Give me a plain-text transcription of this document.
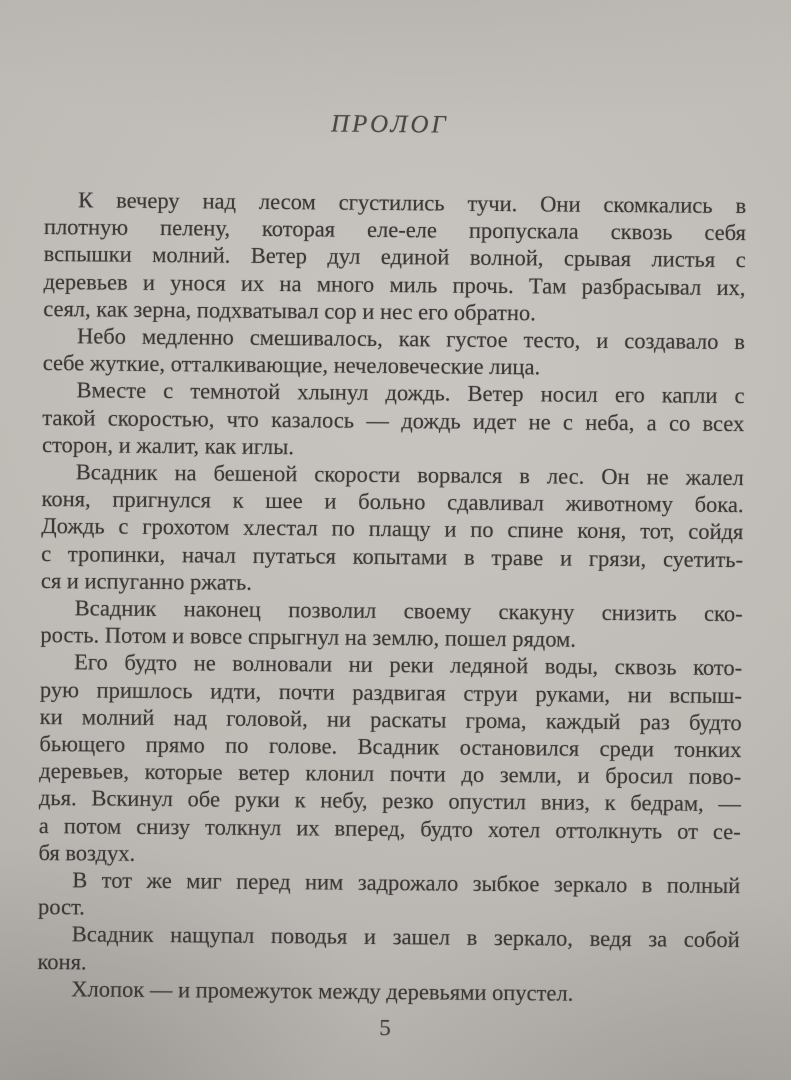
ПРОЛОГ
К вечеру над лесом сгустились тучи. Они скомкались в
плотную пелену, которая еле-еле пропускала сквозь себя
вспышки молний. Ветер дул единой волной, срывая листья с
деревьев и унося их на много миль прочь. Там разбрасывал их,
сеял, как зерна, подхватывал сор и нес его обратно.
Небо медленно смешивалось, как густое тесто, и создавало в
себе жуткие, отталкивающие, нечеловеческие лица.
Вместе с темнотой хлынул дождь. Ветер носил его капли с
такой скоростью, что казалось — дождь идет не с неба, а со всех
сторон, и жалит, как иглы.
Всадник на бешеной скорости ворвался в лес. Он не жалел
коня, пригнулся к шее и больно сдавливал животному бока.
Дождь с грохотом хлестал по плащу и по спине коня, тот, сойдя
с тропинки, начал путаться копытами в траве и грязи, суетить-
ся и испуганно ржать.
Всадник наконец позволил своему скакуну снизить ско-
рость. Потом и вовсе спрыгнул на землю, пошел рядом.
Его будто не волновали ни реки ледяной воды, сквозь кото-
рую пришлось идти, почти раздвигая струи руками, ни вспыш-
ки молний над головой, ни раскаты грома, каждый раз будто
бьющего прямо по голове. Всадник остановился среди тонких
деревьев, которые ветер клонил почти до земли, и бросил пово-
дья. Вскинул обе руки к небу, резко опустил вниз, к бедрам, —
а потом снизу толкнул их вперед, будто хотел оттолкнуть от се-
бя воздух.
В тот же миг перед ним задрожало зыбкое зеркало в полный
рост.
Всадник нащупал поводья и зашел в зеркало, ведя за собой
коня.
Хлопок — и промежуток между деревьями опустел.
5
